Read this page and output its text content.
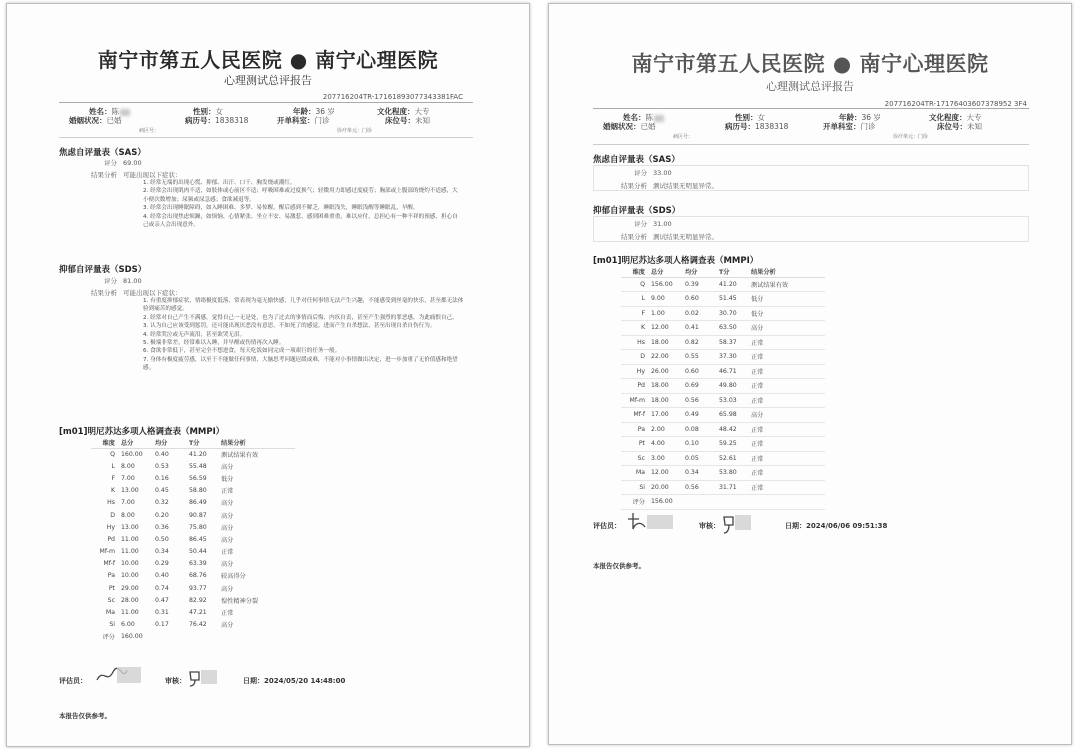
南宁市第五人民医院 ● 南宁心理医院
心理测试总评报告
207716204TR-17161893077343381FAC
姓名：陈	性别：女	年龄：36 岁	文化程度：大专
婚姻状况：已婚	病历号：1838318	开单科室：门诊	床位号：未知
病区号：	诊疗单元：门诊
焦虑自评量表（SAS）
评分 69.00
结果分析 可能出现以下症状：

1. 经常无端的出现心慌、抑郁、出汗、口干、胸发烧或潮红。

2. 经常会出现肌肉不适，如肢体或心前区不适；呼吸困难或过度换气；轻微用力即感过度疲劳；胸部或上腹部的烧灼不适感，大小便次数增加；尿频或尿急感；食欲减退等。

3. 经常会出现睡眠障碍，如入睡困难、多梦、易惊醒，醒后感到不解乏，睡眠浅失，睡眠浅醒等睡眠乱，早醒。

4. 经常会出现焦虑烦躁，如烦恼、心情紧张、坐立不安、易激惹、感到困难重重，难以应付，总担心有一种不祥的预感，担心自己或亲人会出现意外。

抑郁自评量表（SDS）
评分 81.00
结果分析 可能出现以下症状：

1. 有重度抑郁症状，情绪极度低落，常表现为毫无愉快感，几乎对任何事情无法产生兴趣，不能感受到丝毫的快乐，甚至都无法体验到痛苦的感觉。

2. 经常对自己产生不满感，觉得自己一无是处，也为了过去的事情而后悔、内疚自责，甚至产生强烈的罪恶感，为此痛恨自己。

3. 认为自己应该受到惩罚，还可能出现厌恶没有意思，不如死了的感觉。进而产生自杀想法，甚至出现自杀自伤行为。

4. 经常哭泣或无声流泪，甚至欲哭无泪。

5. 极端非常差，经常难以入睡，并早醒或伤情再次入睡。

6. 食欲非常低下，甚至完全不想进食，每天吃饭如同完成一项艰巨的任务一般。

7. 身体有极度疲劳感，以至于不能做任何事情，大脑思考问题迟缓或难，不能对小事情做出决定，进一步加重了无价值感和绝望感。

[m01]明尼苏达多项人格调查表（MMPI）
维度	总分	均分	T分	结果分析
Q	160.00	0.40	41.20	测试结果有效
L	8.00	0.53	55.48	高分
F	7.00	0.16	56.59	低分
K	13.00	0.45	58.80	正常
Hs	7.00	0.32	86.49	高分
D	8.00	0.20	90.87	高分
Hy	13.00	0.36	75.80	高分
Pd	11.00	0.50	86.45	高分
Mf-m	11.00	0.34	50.44	正常
Mf-f	10.00	0.29	63.39	高分
Pa	10.00	0.40	68.76	较高得分
Pt	29.00	0.74	93.77	高分
Sc	28.00	0.47	82.92	惶性精神分裂
Ma	11.00	0.31	47.21	正常
Si	6.00	0.17	76.42	高分
评分	160.00			
评估员：	审核：	日期：2024/05/20 14:48:00
本报告仅供参考。
南宁市第五人民医院 ● 南宁心理医院
心理测试总评报告
207716204TR-17176403607378952 3F4
姓名：陈	性别：女	年龄：36 岁	文化程度：大专
婚姻状况：已婚	病历号：1838318	开单科室：门诊	床位号：未知
病区号：	诊疗单元：门诊
焦虑自评量表（SAS）
评分 33.00
结果分析 测试结果无明显异常。
抑郁自评量表（SDS）
评分 31.00
结果分析 测试结果无明显异常。
[m01]明尼苏达多项人格调查表（MMPI）
维度	总分	均分	T分	结果分析
Q	156.00	0.39	41.20	测试结果有效
L	9.00	0.60	51.45	低分
F	1.00	0.02	30.70	低分
K	12.00	0.41	63.50	高分
Hs	18.00	0.82	58.37	正常
D	22.00	0.55	37.30	正常
Hy	26.00	0.60	46.71	正常
Pd	18.00	0.69	49.80	正常
Mf-m	18.00	0.56	53.03	正常
Mf-f	17.00	0.49	65.98	高分
Pa	2.00	0.08	48.42	正常
Pt	4.00	0.10	59.25	正常
Sc	3.00	0.05	52.61	正常
Ma	12.00	0.34	53.80	正常
Si	20.00	0.56	31.71	正常
评分	156.00			
评估员：	审核：	日期：2024/06/06 09:51:38
本报告仅供参考。
